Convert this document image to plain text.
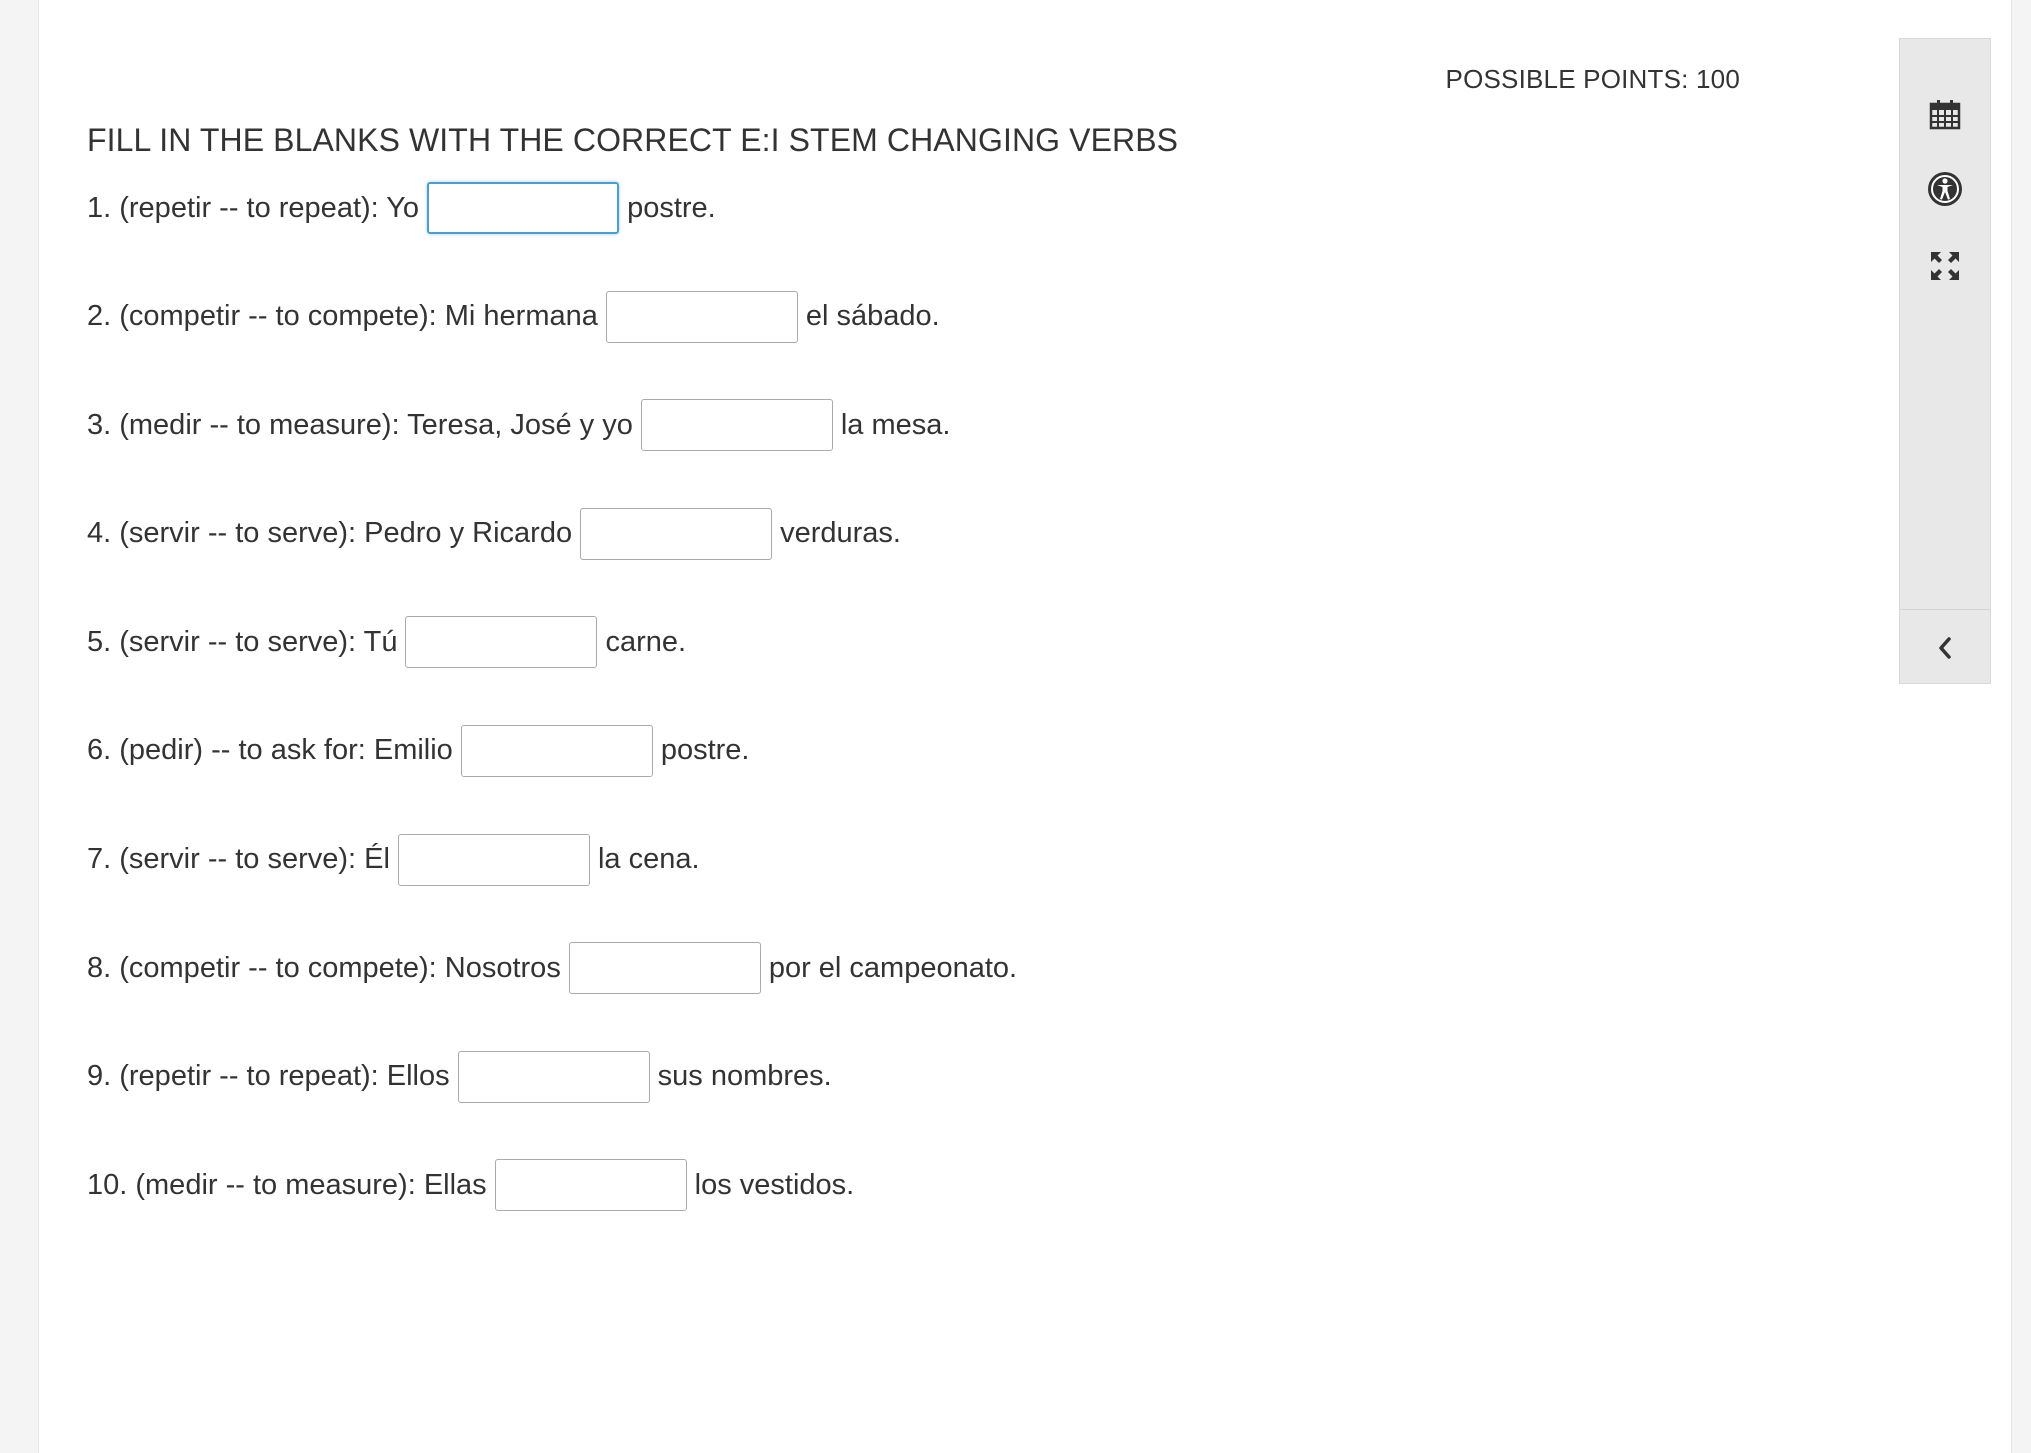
POSSIBLE POINTS: 100
FILL IN THE BLANKS WITH THE CORRECT E:I STEM CHANGING VERBS
1. (repetir -- to repeat): Yo	postre.
2. (competir -- to compete): Mi hermana	el sábado.
3. (medir -- to measure): Teresa, José y yo	la mesa.
4. (servir -- to serve): Pedro y Ricardo	verduras.
5. (servir -- to serve): Tú	carne.
6. (pedir) -- to ask for: Emilio	postre.
7. (servir -- to serve): Él	la cena.
8. (competir -- to compete): Nosotros	por el campeonato.
9. (repetir -- to repeat): Ellos	sus nombres.
10. (medir -- to measure): Ellas	los vestidos.
